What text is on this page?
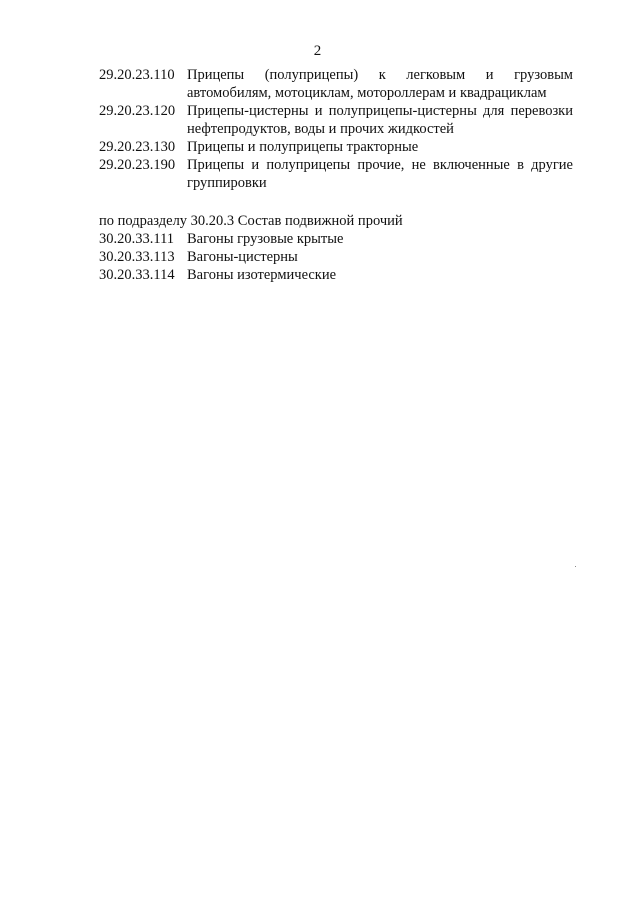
2
29.20.23.110 Прицепы (полуприцепы) к легковым и грузовым автомобилям, мотоциклам, мотороллерам и квадрациклам
29.20.23.120 Прицепы-цистерны и полуприцепы-цистерны для перевозки нефтепродуктов, воды и прочих жидкостей
29.20.23.130 Прицепы и полуприцепы тракторные
29.20.23.190 Прицепы и полуприцепы прочие, не включенные в другие группировки
по подразделу 30.20.3 Состав подвижной прочий
30.20.33.111 Вагоны грузовые крытые
30.20.33.113 Вагоны-цистерны
30.20.33.114 Вагоны изотермические
